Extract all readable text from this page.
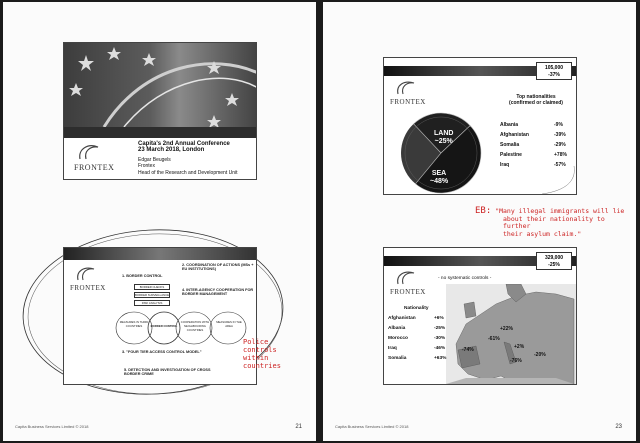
FRONTEX
Capita's 2nd Annual Conference
23 March 2018, London
Edgar Beugels
Frontex
Head of the Research and Development Unit
FRONTEX
1. BORDER CONTROL
2. COORDINATION OF ACTIONS (MSs + EU INSTITUTIONS)
4. INTER-AGENCY COOPERATION FOR BORDER MANAGEMENT
BORDER CHECKS
BORDER SURVEILLANCE
RISK ANALYSIS
MEASURES IN THIRD COUNTRIES	BORDER CONTROL
COOPERATION WITH NEIGHBOURING COUNTRIES
MEASURES IN THE AREA
3. "FOUR TIER ACCESS CONTROL MODEL"
5. DETECTION AND INVESTIGATION OF CROSS BORDER CRIME
Police
controls
within
countries
Capita Business Services Limited © 2018	21
105,000
-37%
FRONTEX
LAND
~25%
SEA
~48%
Top nationalities
(confirmed or claimed)
Albania	-9%
Afghanistan	-39%
Somalia	-29%
Palestine	+78%
Iraq	-57%
EB: "Many illegal immigrants will lie
about their nationality to further
their asylum claim."
329,000
-25%
FRONTEX
- no systematic controls -
+22%
-61%
-74%	+2%
-20%
-76%
Nationality
Afghanistan	+6%
Albania	-25%
Morocco	-30%
Iraq	-46%
Somalia	+63%
Capita Business Services Limited © 2018	23
